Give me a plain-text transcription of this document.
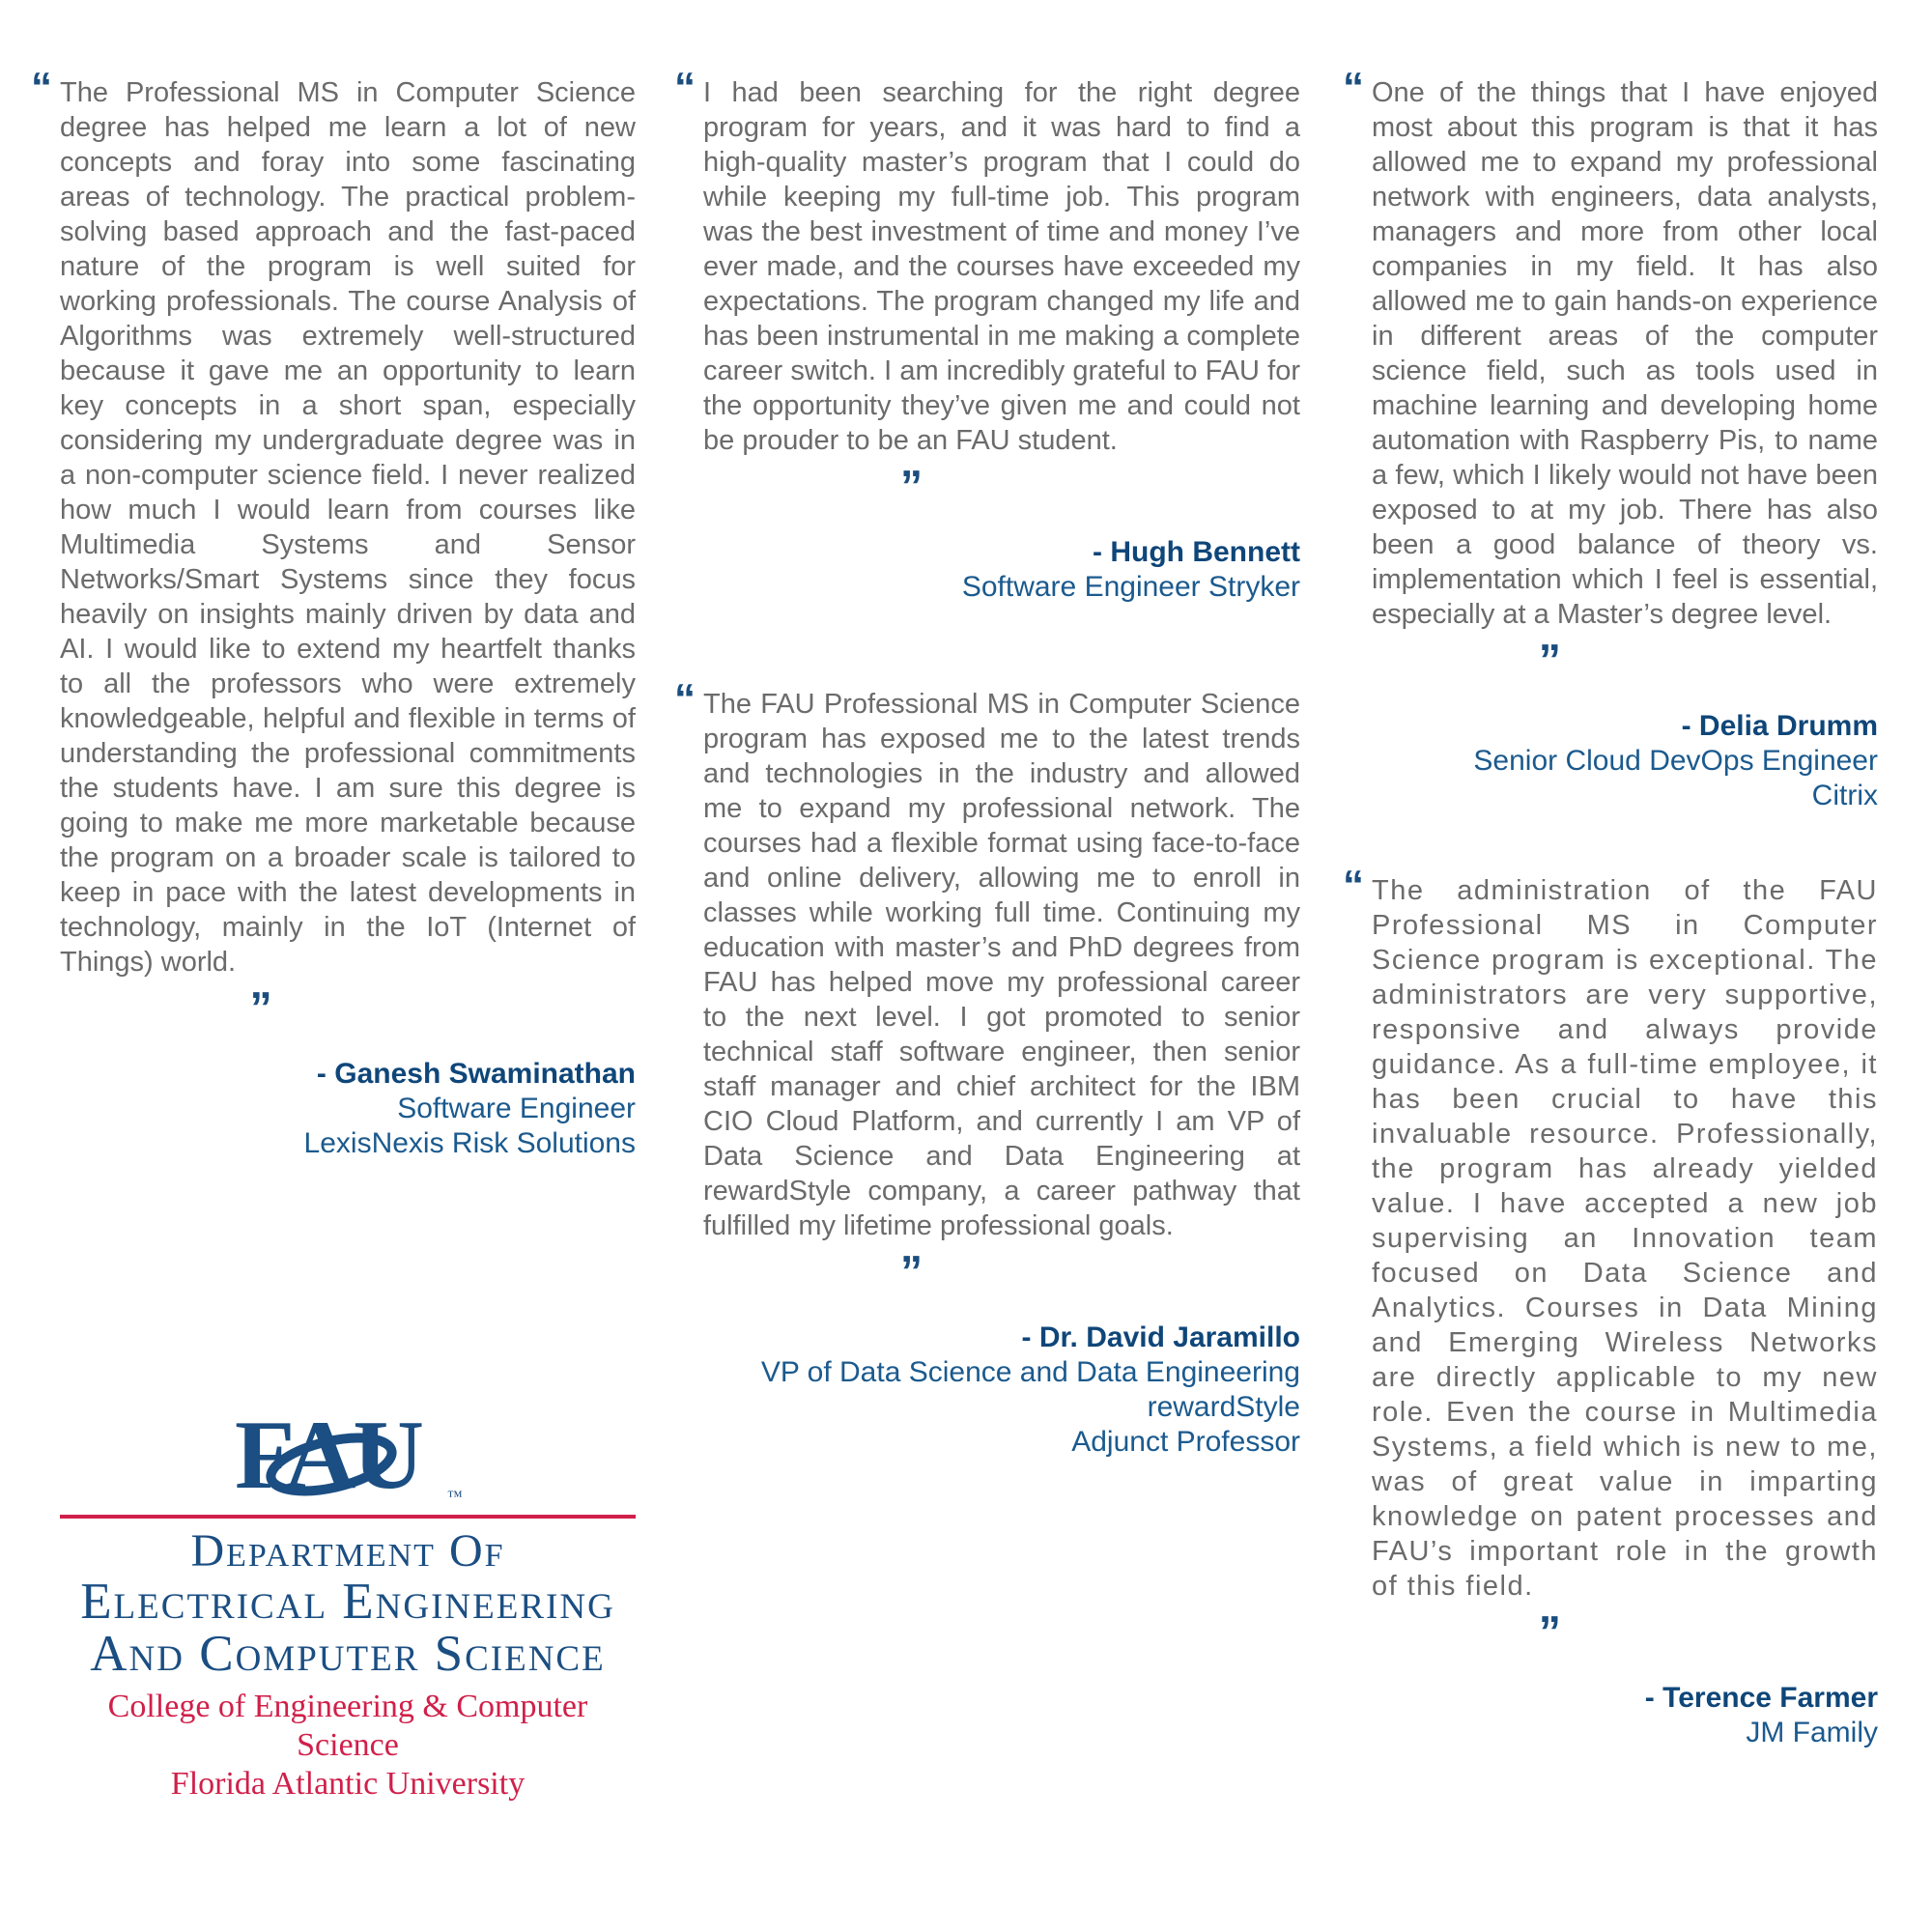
“ The Professional MS in Computer Science degree has helped me learn a lot of new concepts and foray into some fascinating areas of technology. The practical problem-solving based approach and the fast-paced nature of the program is well suited for working professionals. The course Analysis of Algorithms was extremely well-structured because it gave me an opportunity to learn key concepts in a short span, especially considering my undergraduate degree was in a non-computer science field. I never realized how much I would learn from courses like Multimedia Systems and Sensor Networks/Smart Systems since they focus heavily on insights mainly driven by data and AI. I would like to extend my heartfelt thanks to all the professors who were extremely knowledgeable, helpful and flexible in terms of understanding the professional commitments the students have. I am sure this degree is going to make me more marketable because the program on a broader scale is tailored to keep in pace with the latest developments in technology, mainly in the IoT (Internet of Things) world.
”
- Ganesh Swaminathan
Software Engineer
LexisNexis Risk Solutions
FAU ™
Department Of
Electrical Engineering
And Computer Science
College of Engineering & Computer Science
Florida Atlantic University
“ I had been searching for the right degree program for years, and it was hard to find a high-quality master’s program that I could do while keeping my full-time job. This program was the best investment of time and money I’ve ever made, and the courses have exceeded my expectations. The program changed my life and has been instrumental in me making a complete career switch. I am incredibly grateful to FAU for the opportunity they’ve given me and could not be prouder to be an FAU student.
”
- Hugh Bennett
Software Engineer Stryker
“ The FAU Professional MS in Computer Science program has exposed me to the latest trends and technologies in the industry and allowed me to expand my professional network. The courses had a flexible format using face-to-face and online delivery, allowing me to enroll in classes while working full time. Continuing my education with master’s and PhD degrees from FAU has helped move my professional career to the next level. I got promoted to senior technical staff software engineer, then senior staff manager and chief architect for the IBM CIO Cloud Platform, and currently I am VP of Data Science and Data Engineering at rewardStyle company, a career pathway that fulfilled my lifetime professional goals.
”
- Dr. David Jaramillo
VP of Data Science and Data Engineering
rewardStyle
Adjunct Professor
“ One of the things that I have enjoyed most about this program is that it has allowed me to expand my professional network with engineers, data analysts, managers and more from other local companies in my field. It has also allowed me to gain hands-on experience in different areas of the computer science field, such as tools used in machine learning and developing home automation with Raspberry Pis, to name a few, which I likely would not have been exposed to at my job. There has also been a good balance of theory vs. implementation which I feel is essential, especially at a Master’s degree level.
”
- Delia Drumm
Senior Cloud DevOps Engineer
Citrix
“ The administration of the FAU Professional MS in Computer Science program is exceptional. The administrators are very supportive, responsive and always provide guidance. As a full-time employee, it has been crucial to have this invaluable resource. Professionally, the program has already yielded value. I have accepted a new job supervising an Innovation team focused on Data Science and Analytics. Courses in Data Mining and Emerging Wireless Networks are directly applicable to my new role. Even the course in Multimedia Systems, a field which is new to me, was of great value in imparting knowledge on patent processes and FAU’s important role in the growth of this field.
”
- Terence Farmer
JM Family
